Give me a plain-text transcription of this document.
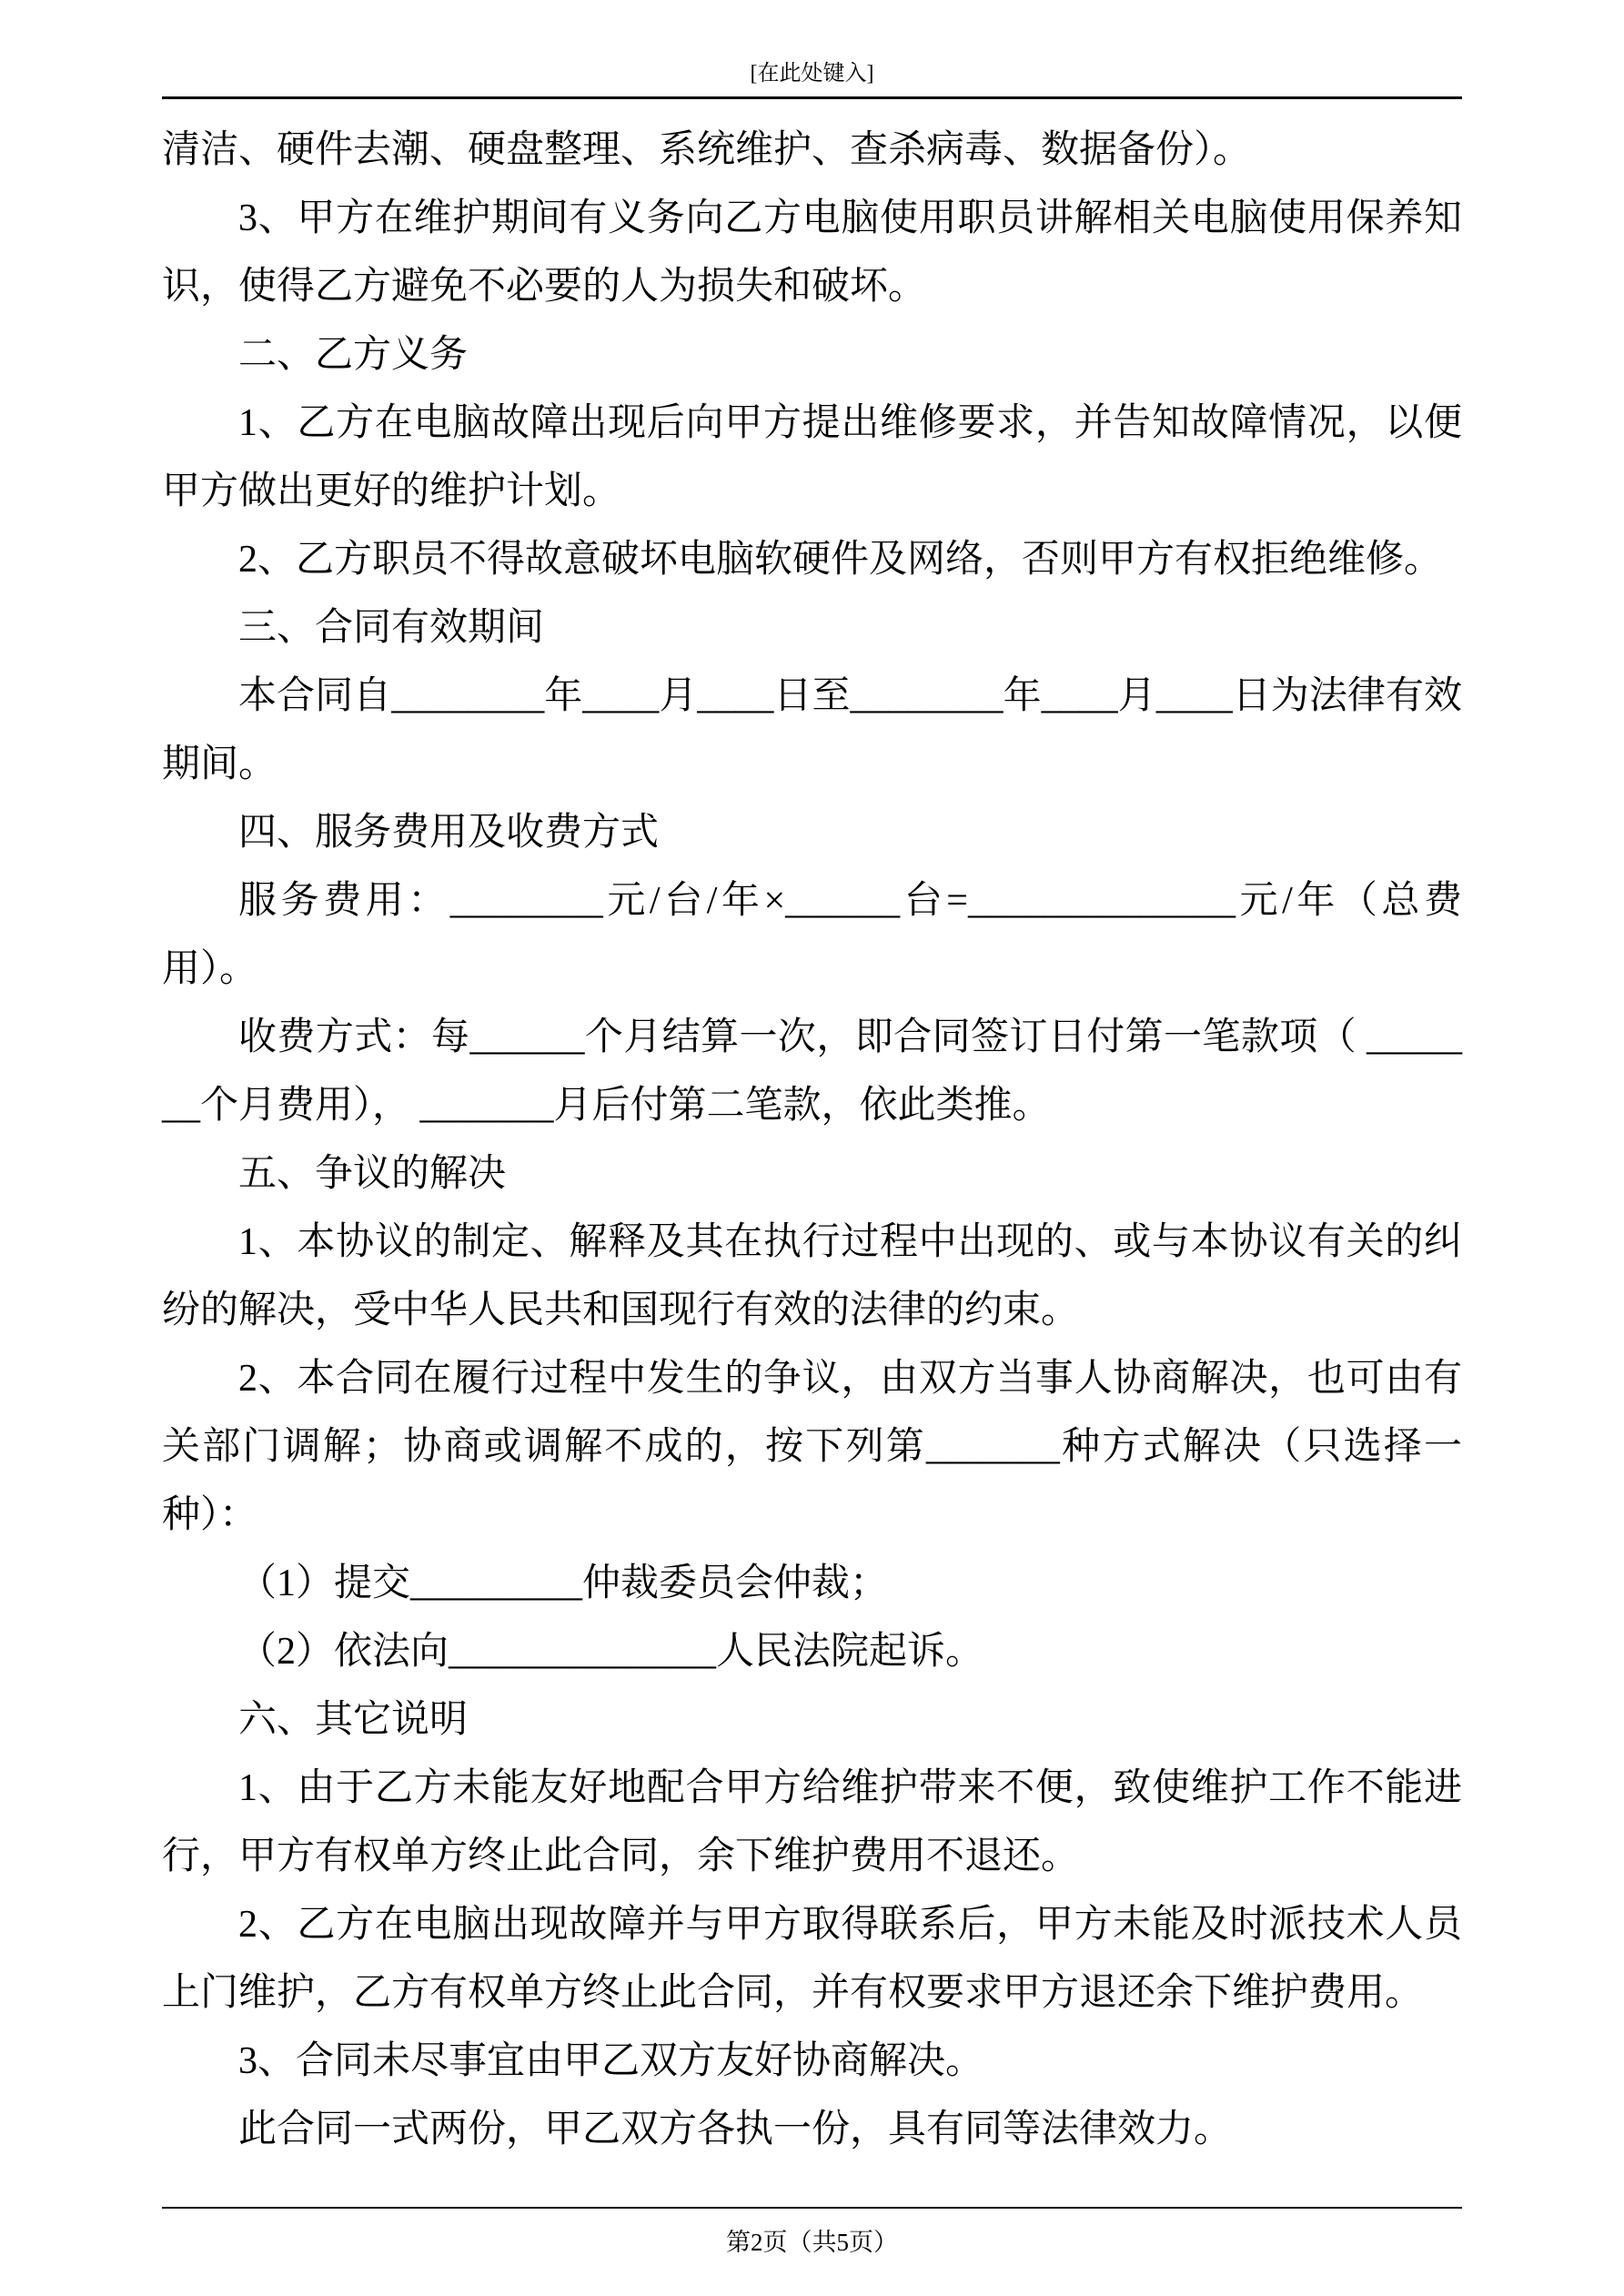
[在此处键入]

清洁、硬件去潮、硬盘整理、系统维护、查杀病毒、数据备份）。

3、甲方在维护期间有义务向乙方电脑使用职员讲解相关电脑使用保养知识，使得乙方避免不必要的人为损失和破坏。

二、乙方义务

1、乙方在电脑故障出现后向甲方提出维修要求，并告知故障情况，以便甲方做出更好的维护计划。

2、乙方职员不得故意破坏电脑软硬件及网络，否则甲方有权拒绝维修。

三、合同有效期间

本合同自________年____月____日至________年____月____日为法律有效期间。

四、服务费用及收费方式

服务费用：________元/台/年×______台=______________元/年（总费用）。

收费方式：每______个月结算一次，即合同签订日付第一笔款项（ _______个月费用）， _______月后付第二笔款，依此类推。

五、争议的解决

1、本协议的制定、解释及其在执行过程中出现的、或与本协议有关的纠纷的解决，受中华人民共和国现行有效的法律的约束。

2、本合同在履行过程中发生的争议，由双方当事人协商解决，也可由有关部门调解；协商或调解不成的，按下列第_______种方式解决（只选择一种）：

（1）提交_________仲裁委员会仲裁；

（2）依法向______________人民法院起诉。

六、其它说明

1、由于乙方未能友好地配合甲方给维护带来不便，致使维护工作不能进行，甲方有权单方终止此合同，余下维护费用不退还。

2、乙方在电脑出现故障并与甲方取得联系后，甲方未能及时派技术人员上门维护，乙方有权单方终止此合同，并有权要求甲方退还余下维护费用。

3、合同未尽事宜由甲乙双方友好协商解决。

此合同一式两份，甲乙双方各执一份，具有同等法律效力。

第2页（共5页）
